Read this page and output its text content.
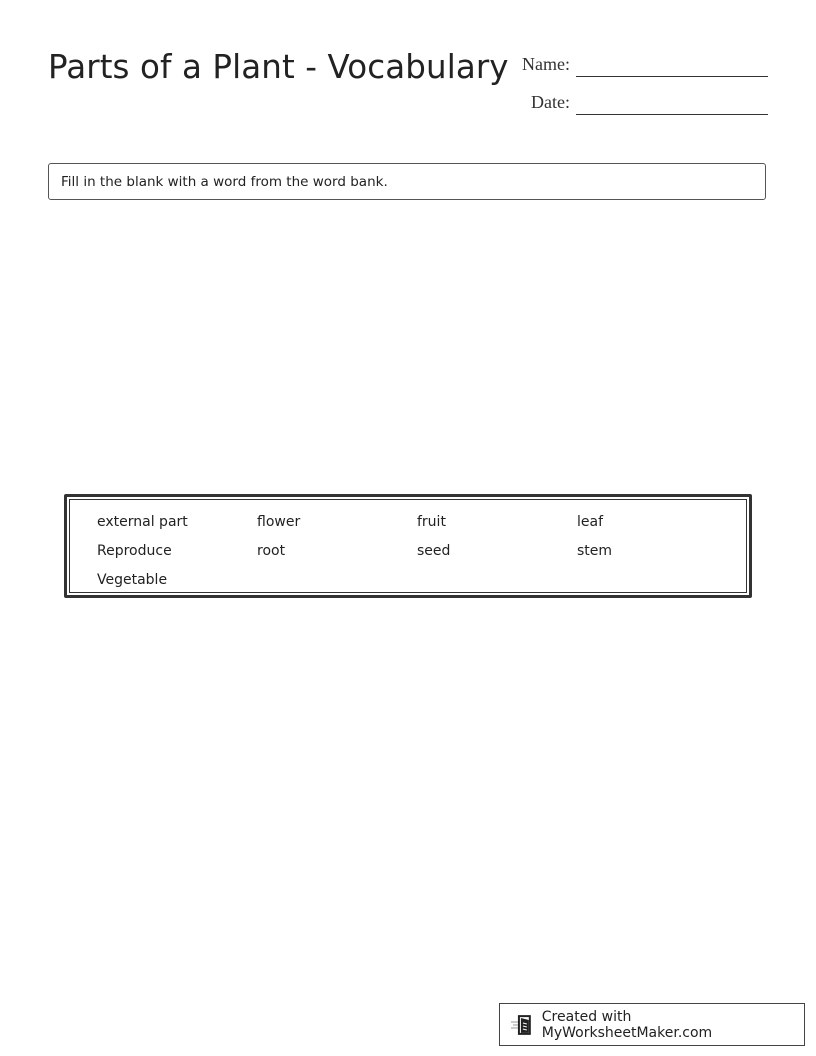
Parts of a Plant - Vocabulary Name:
Date:
Fill in the blank with a word from the word bank.
external part	flower	fruit	leaf
Reproduce	root	seed	stem
Vegetable
Created with MyWorksheetMaker.com
